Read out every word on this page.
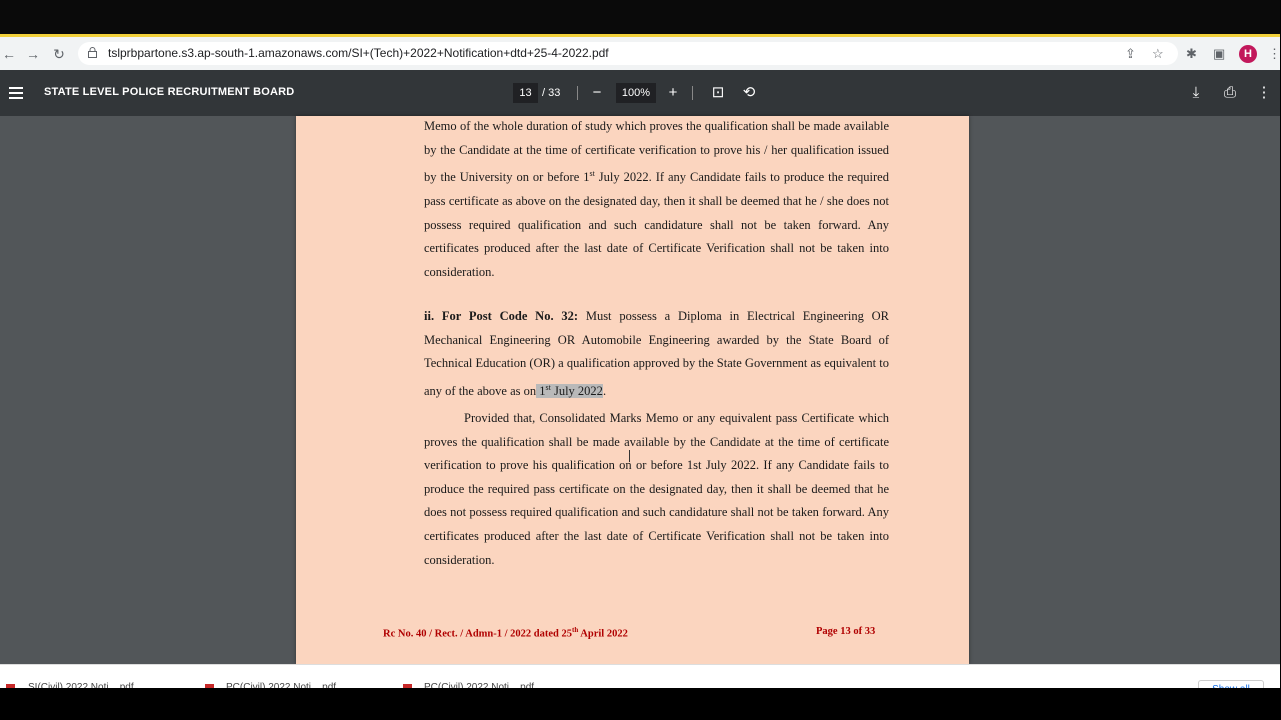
← → ↻	tslprbpartone.s3.ap-south-1.amazonaws.com/SI+(Tech)+2022+Notification+dtd+25-4-2022.pdf	⇪ ☆ ✱ ▣	⋮
H
STATE LEVEL POLICE RECRUITMENT BOARD	13 / 33	−	100%	+	⊡ ⟲	⤓	⎙ ⋮
Memo of the whole duration of study which proves the qualification shall be made available by the Candidate at the time of certificate verification to prove his / her qualification issued by the University on or before 1st July 2022. If any Candidate fails to produce the required pass certificate as above on the designated day, then it shall be deemed that he / she does not possess required qualification and such candidature shall not be taken forward. Any certificates produced after the last date of Certificate Verification shall not be taken into consideration.
ii. For Post Code No. 32: Must possess a Diploma in Electrical Engineering OR Mechanical Engineering OR Automobile Engineering awarded by the State Board of Technical Education (OR) a qualification approved by the State Government as equivalent to any of the above as on 1st July 2022.
Provided that, Consolidated Marks Memo or any equivalent pass Certificate which proves the qualification shall be made available by the Candidate at the time of certificate verification to prove his qualification on or before 1st July 2022. If any Candidate fails to produce the required pass certificate on the designated day, then it shall be deemed that he does not possess required qualification and such candidature shall not be taken forward. Any certificates produced after the last date of Certificate Verification shall not be taken into consideration.
Rc No. 40 / Rect. / Admn-1 / 2022 dated 25th April 2022	Page 13 of 33
